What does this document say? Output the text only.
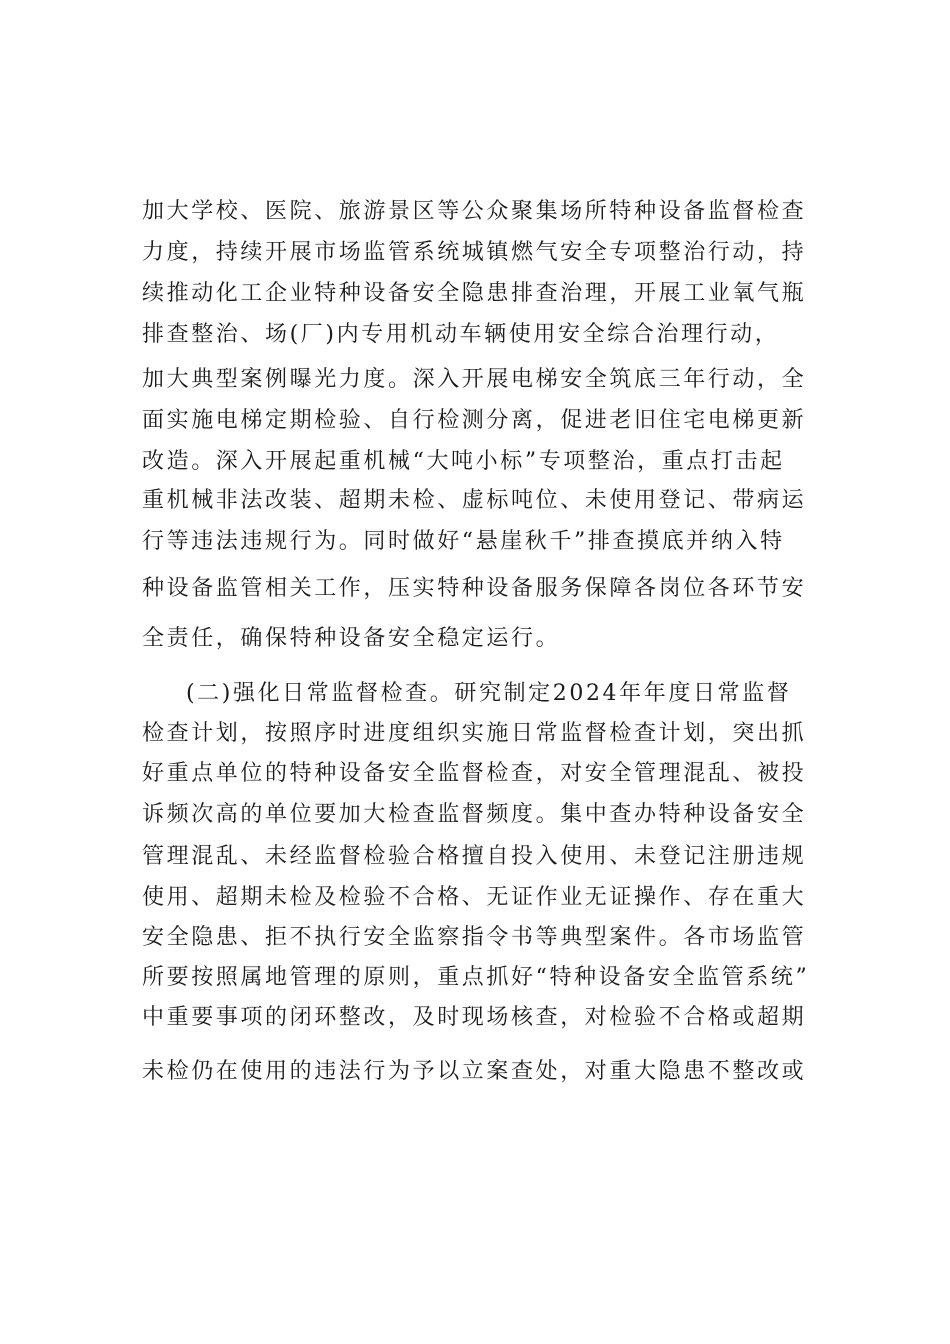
加大学校、医院、旅游景区等公众聚集场所特种设备监督检查
力度，持续开展市场监管系统城镇燃气安全专项整治行动，持
续推动化工企业特种设备安全隐患排查治理，开展工业氧气瓶
排查整治、场(厂)内专用机动车辆使用安全综合治理行动，
加大典型案例曝光力度。深入开展电梯安全筑底三年行动，全
面实施电梯定期检验、自行检测分离，促进老旧住宅电梯更新
改造。深入开展起重机械“大吨小标”专项整治，重点打击起
重机械非法改装、超期未检、虚标吨位、未使用登记、带病运
行等违法违规行为。同时做好“悬崖秋千”排查摸底并纳入特
种设备监管相关工作，压实特种设备服务保障各岗位各环节安
全责任，确保特种设备安全稳定运行。
(二)强化日常监督检查。研究制定2024年年度日常监督
检查计划，按照序时进度组织实施日常监督检查计划，突出抓
好重点单位的特种设备安全监督检查，对安全管理混乱、被投
诉频次高的单位要加大检查监督频度。集中查办特种设备安全
管理混乱、未经监督检验合格擅自投入使用、未登记注册违规
使用、超期未检及检验不合格、无证作业无证操作、存在重大
安全隐患、拒不执行安全监察指令书等典型案件。各市场监管
所要按照属地管理的原则，重点抓好“特种设备安全监管系统”
中重要事项的闭环整改，及时现场核查，对检验不合格或超期
未检仍在使用的违法行为予以立案查处，对重大隐患不整改或
